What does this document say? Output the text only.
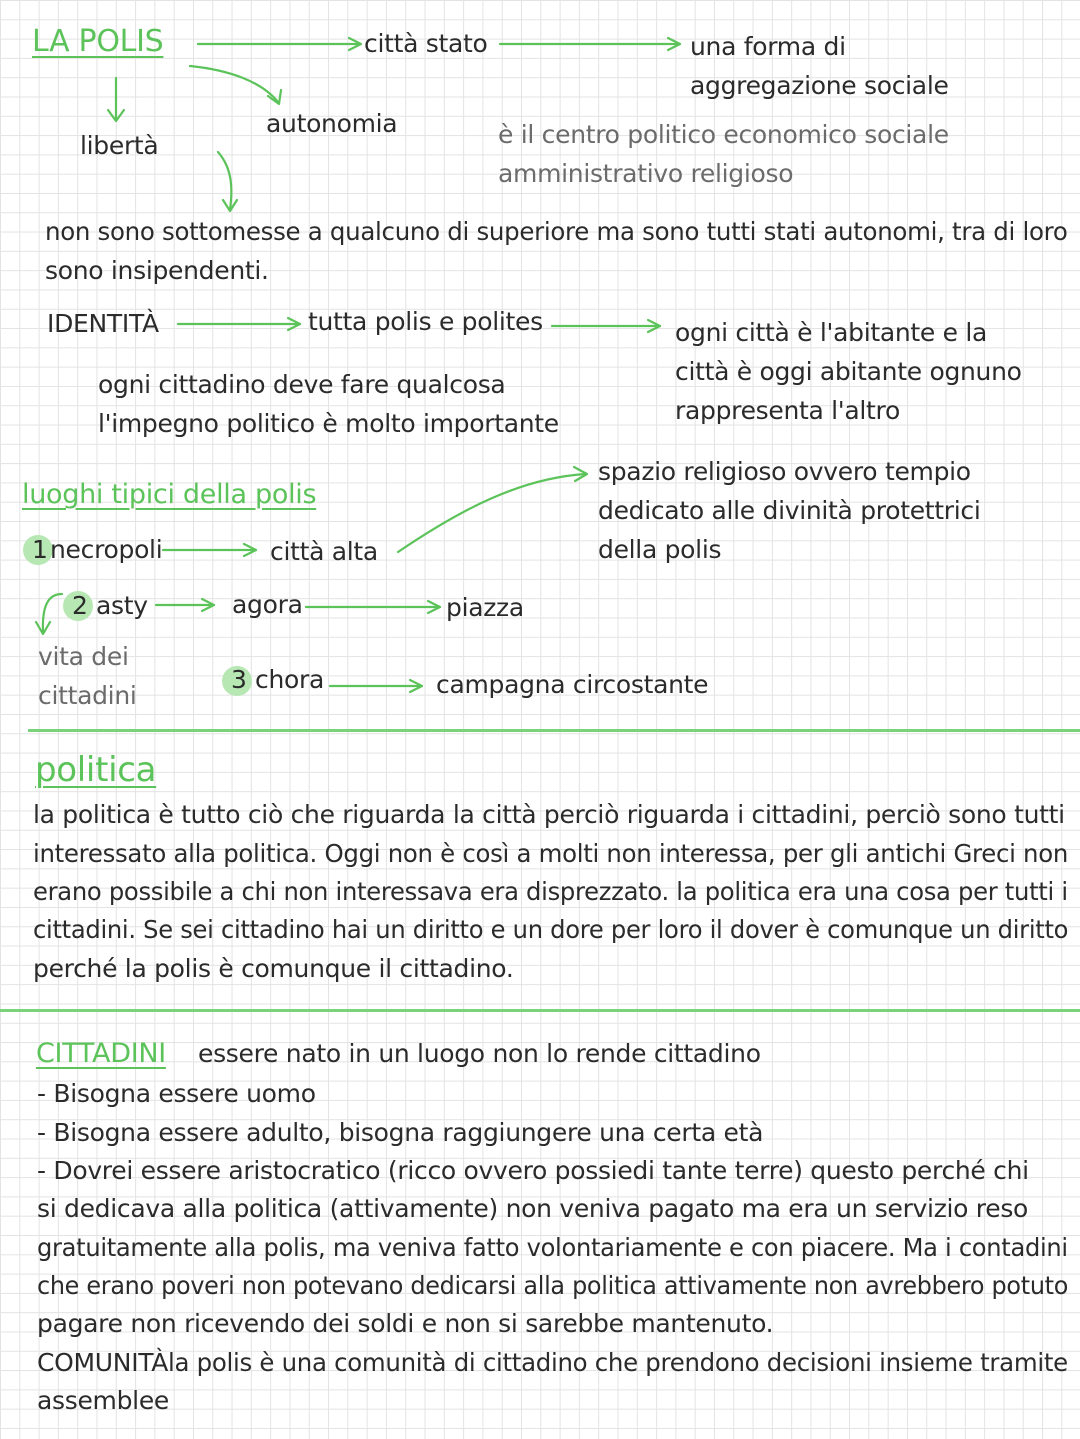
LA POLIS	città stato	una forma di
aggregazione sociale
autonomia
libertà	è il centro politico economico sociale
amministrativo religioso
non sono sottomesse a qualcuno di superiore ma sono tutti stati autonomi, tra di loro
sono insipendenti.
IDENTITÀ	tutta polis e polites	ogni città è l'abitante e la
città è oggi abitante ognuno
rappresenta l'altro
ogni cittadino deve fare qualcosa
l'impegno politico è molto importante
luoghi tipici della polis
spazio religioso ovvero tempio
dedicato alle divinità protettrici
della polis
1 necropoli	città alta
2 asty	agora	piazza
vita dei
cittadini
3 chora	campagna circostante
politica
la politica è tutto ciò che riguarda la città perciò riguarda i cittadini, perciò sono tutti
interessato alla politica. Oggi non è così a molti non interessa, per gli antichi Greci non
erano possibile a chi non interessava era disprezzato. la politica era una cosa per tutti i
cittadini. Se sei cittadino hai un diritto e un dore per loro il dover è comunque un diritto
perché la polis è comunque il cittadino.
CITTADINI essere nato in un luogo non lo rende cittadino
- Bisogna essere uomo
- Bisogna essere adulto, bisogna raggiungere una certa età
- Dovrei essere aristocratico (ricco ovvero possiedi tante terre) questo perché chi
si dedicava alla politica (attivamente) non veniva pagato ma era un servizio reso
gratuitamente alla polis, ma veniva fatto volontariamente e con piacere. Ma i contadini
che erano poveri non potevano dedicarsi alla politica attivamente non avrebbero potuto
pagare non ricevendo dei soldi e non si sarebbe mantenuto.
COMUNITÀ la polis è una comunità di cittadino che prendono decisioni insieme tramite
assemblee
